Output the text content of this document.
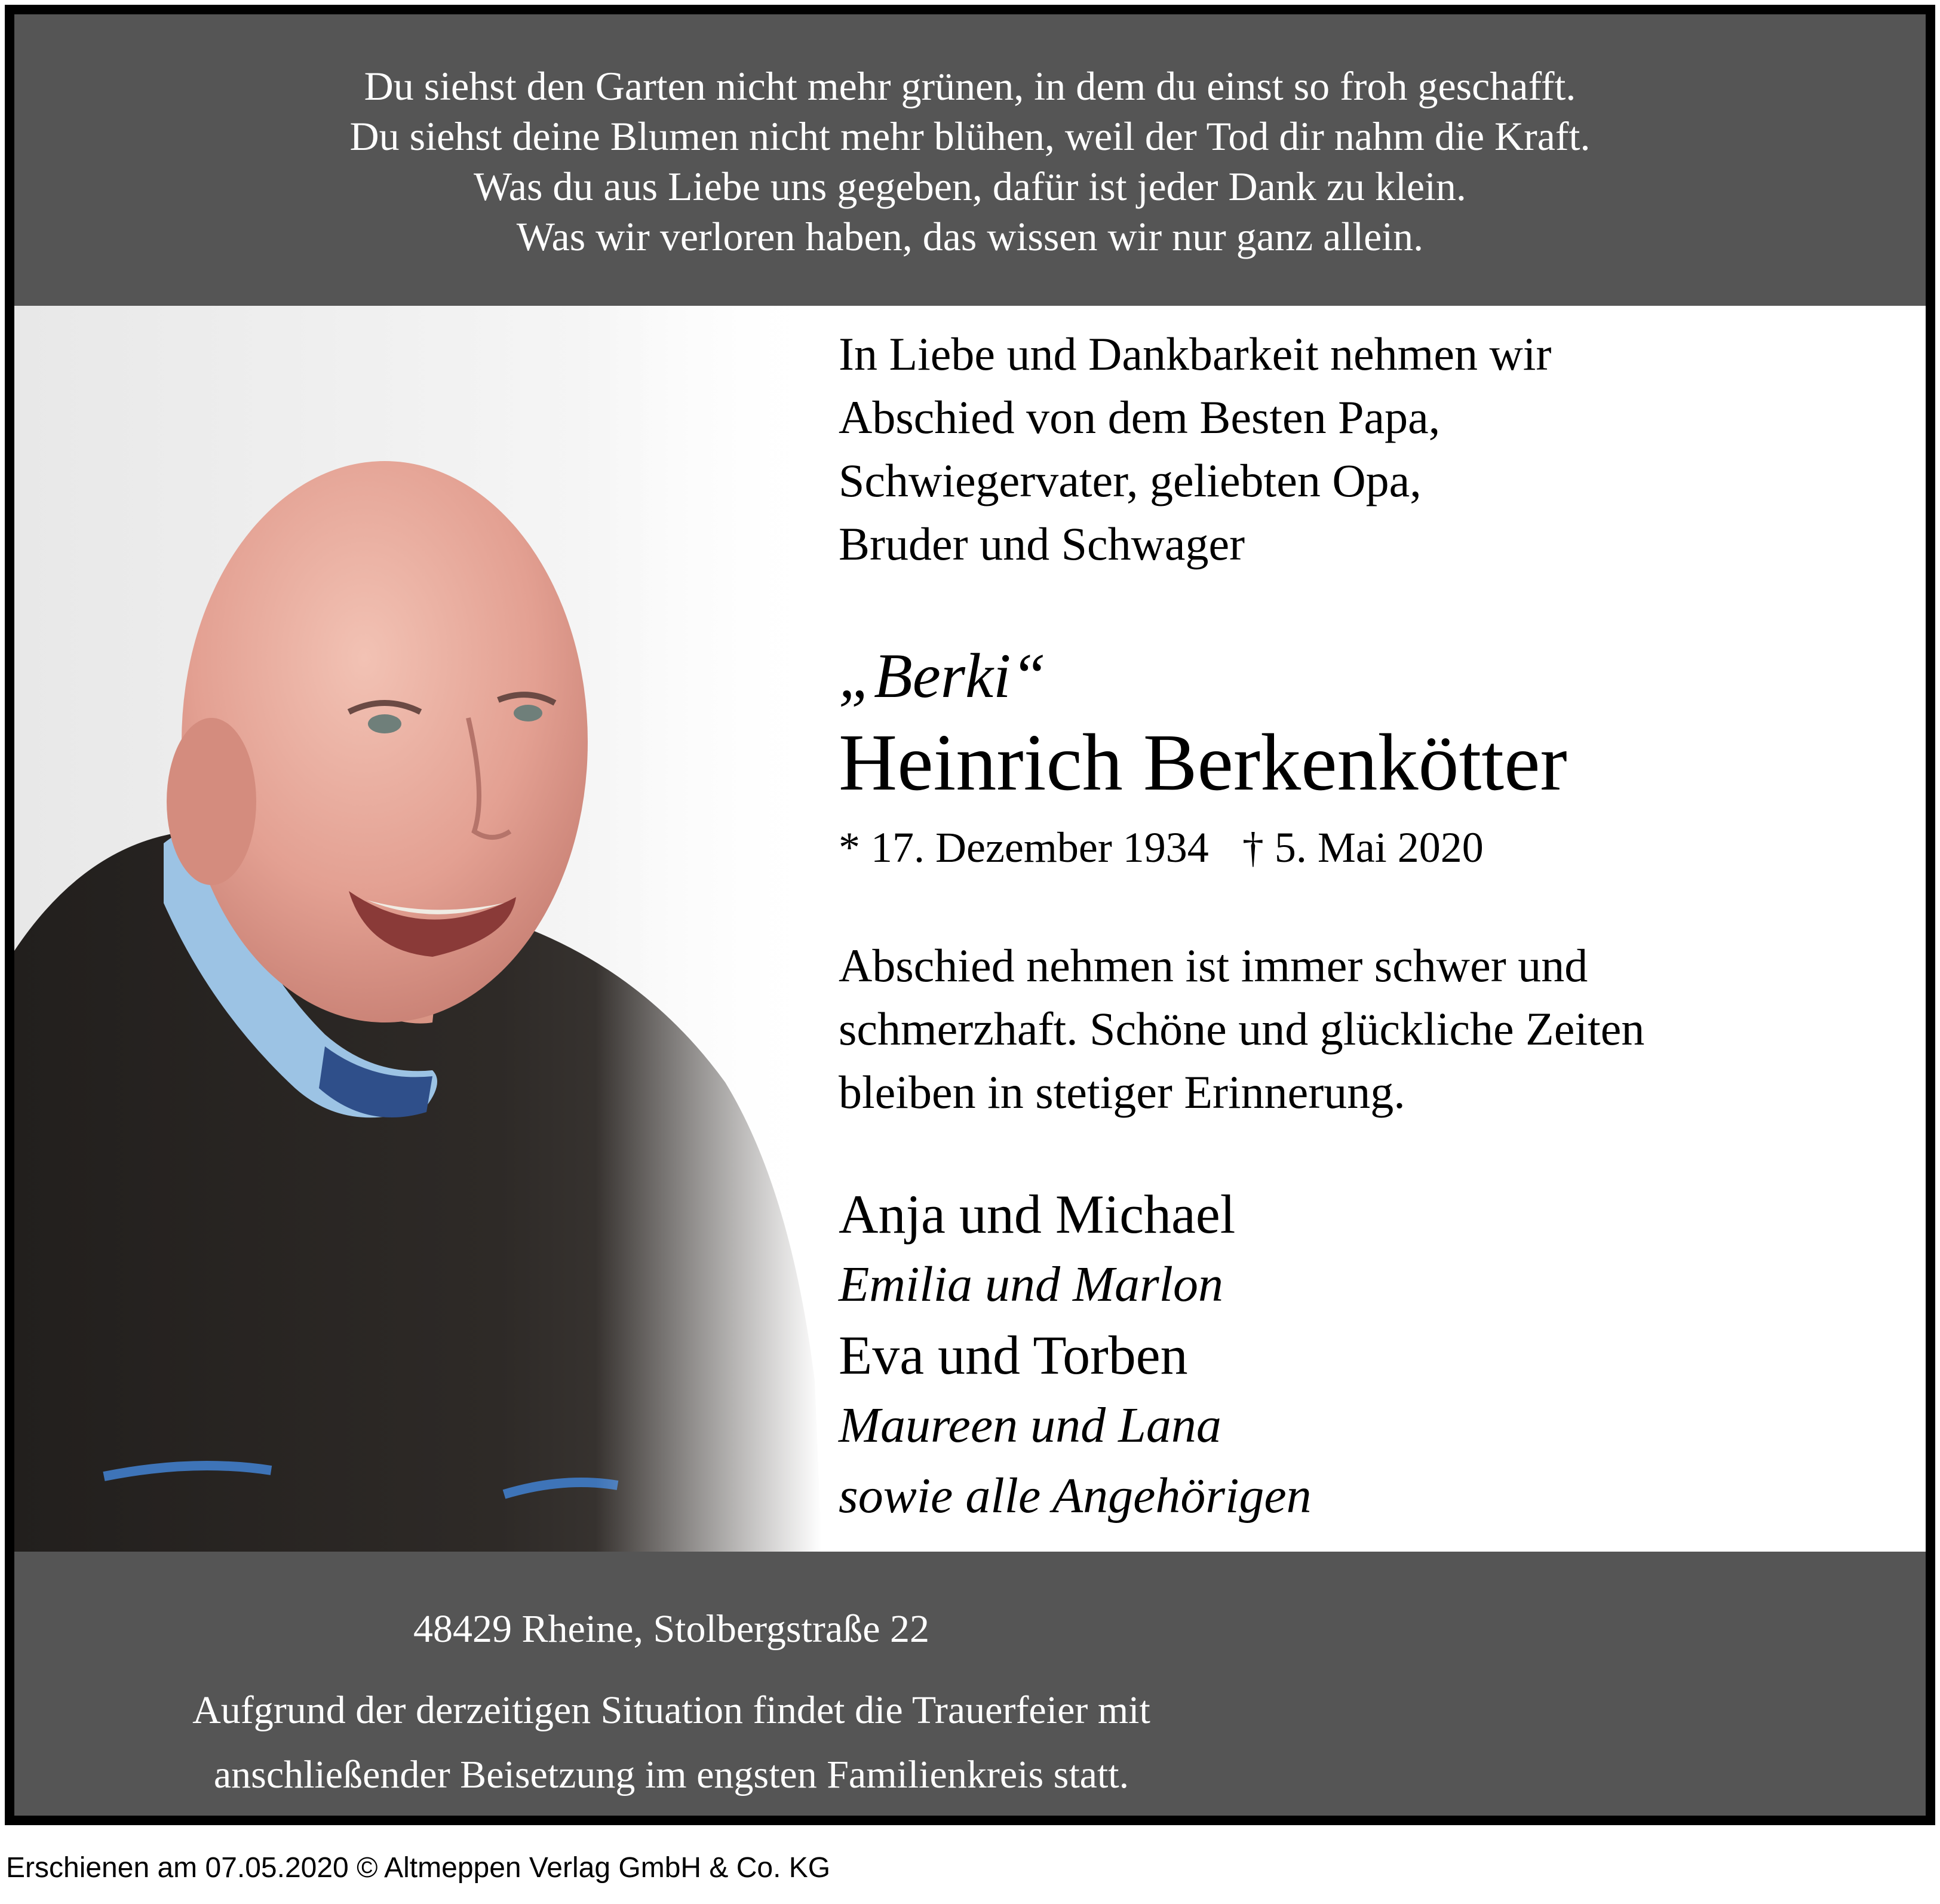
Du siehst den Garten nicht mehr grünen, in dem du einst so froh geschafft.
Du siehst deine Blumen nicht mehr blühen, weil der Tod dir nahm die Kraft.
Was du aus Liebe uns gegeben, dafür ist jeder Dank zu klein.
Was wir verloren haben, das wissen wir nur ganz allein.
In Liebe und Dankbarkeit nehmen wir
Abschied von dem Besten Papa,
Schwiegervater, geliebten Opa,
Bruder und Schwager
„Berki“
Heinrich Berkenkötter
* 17. Dezember 1934 † 5. Mai 2020
Abschied nehmen ist immer schwer und
schmerzhaft. Schöne und glückliche Zeiten
bleiben in stetiger Erinnerung.
Anja und Michael
Emilia und Marlon
Eva und Torben
Maureen und Lana
sowie alle Angehörigen
48429 Rheine, Stolbergstraße 22
Aufgrund der derzeitigen Situation findet die Trauerfeier mit
anschließender Beisetzung im engsten Familienkreis statt.
Erschienen am 07.05.2020 © Altmeppen Verlag GmbH & Co. KG
